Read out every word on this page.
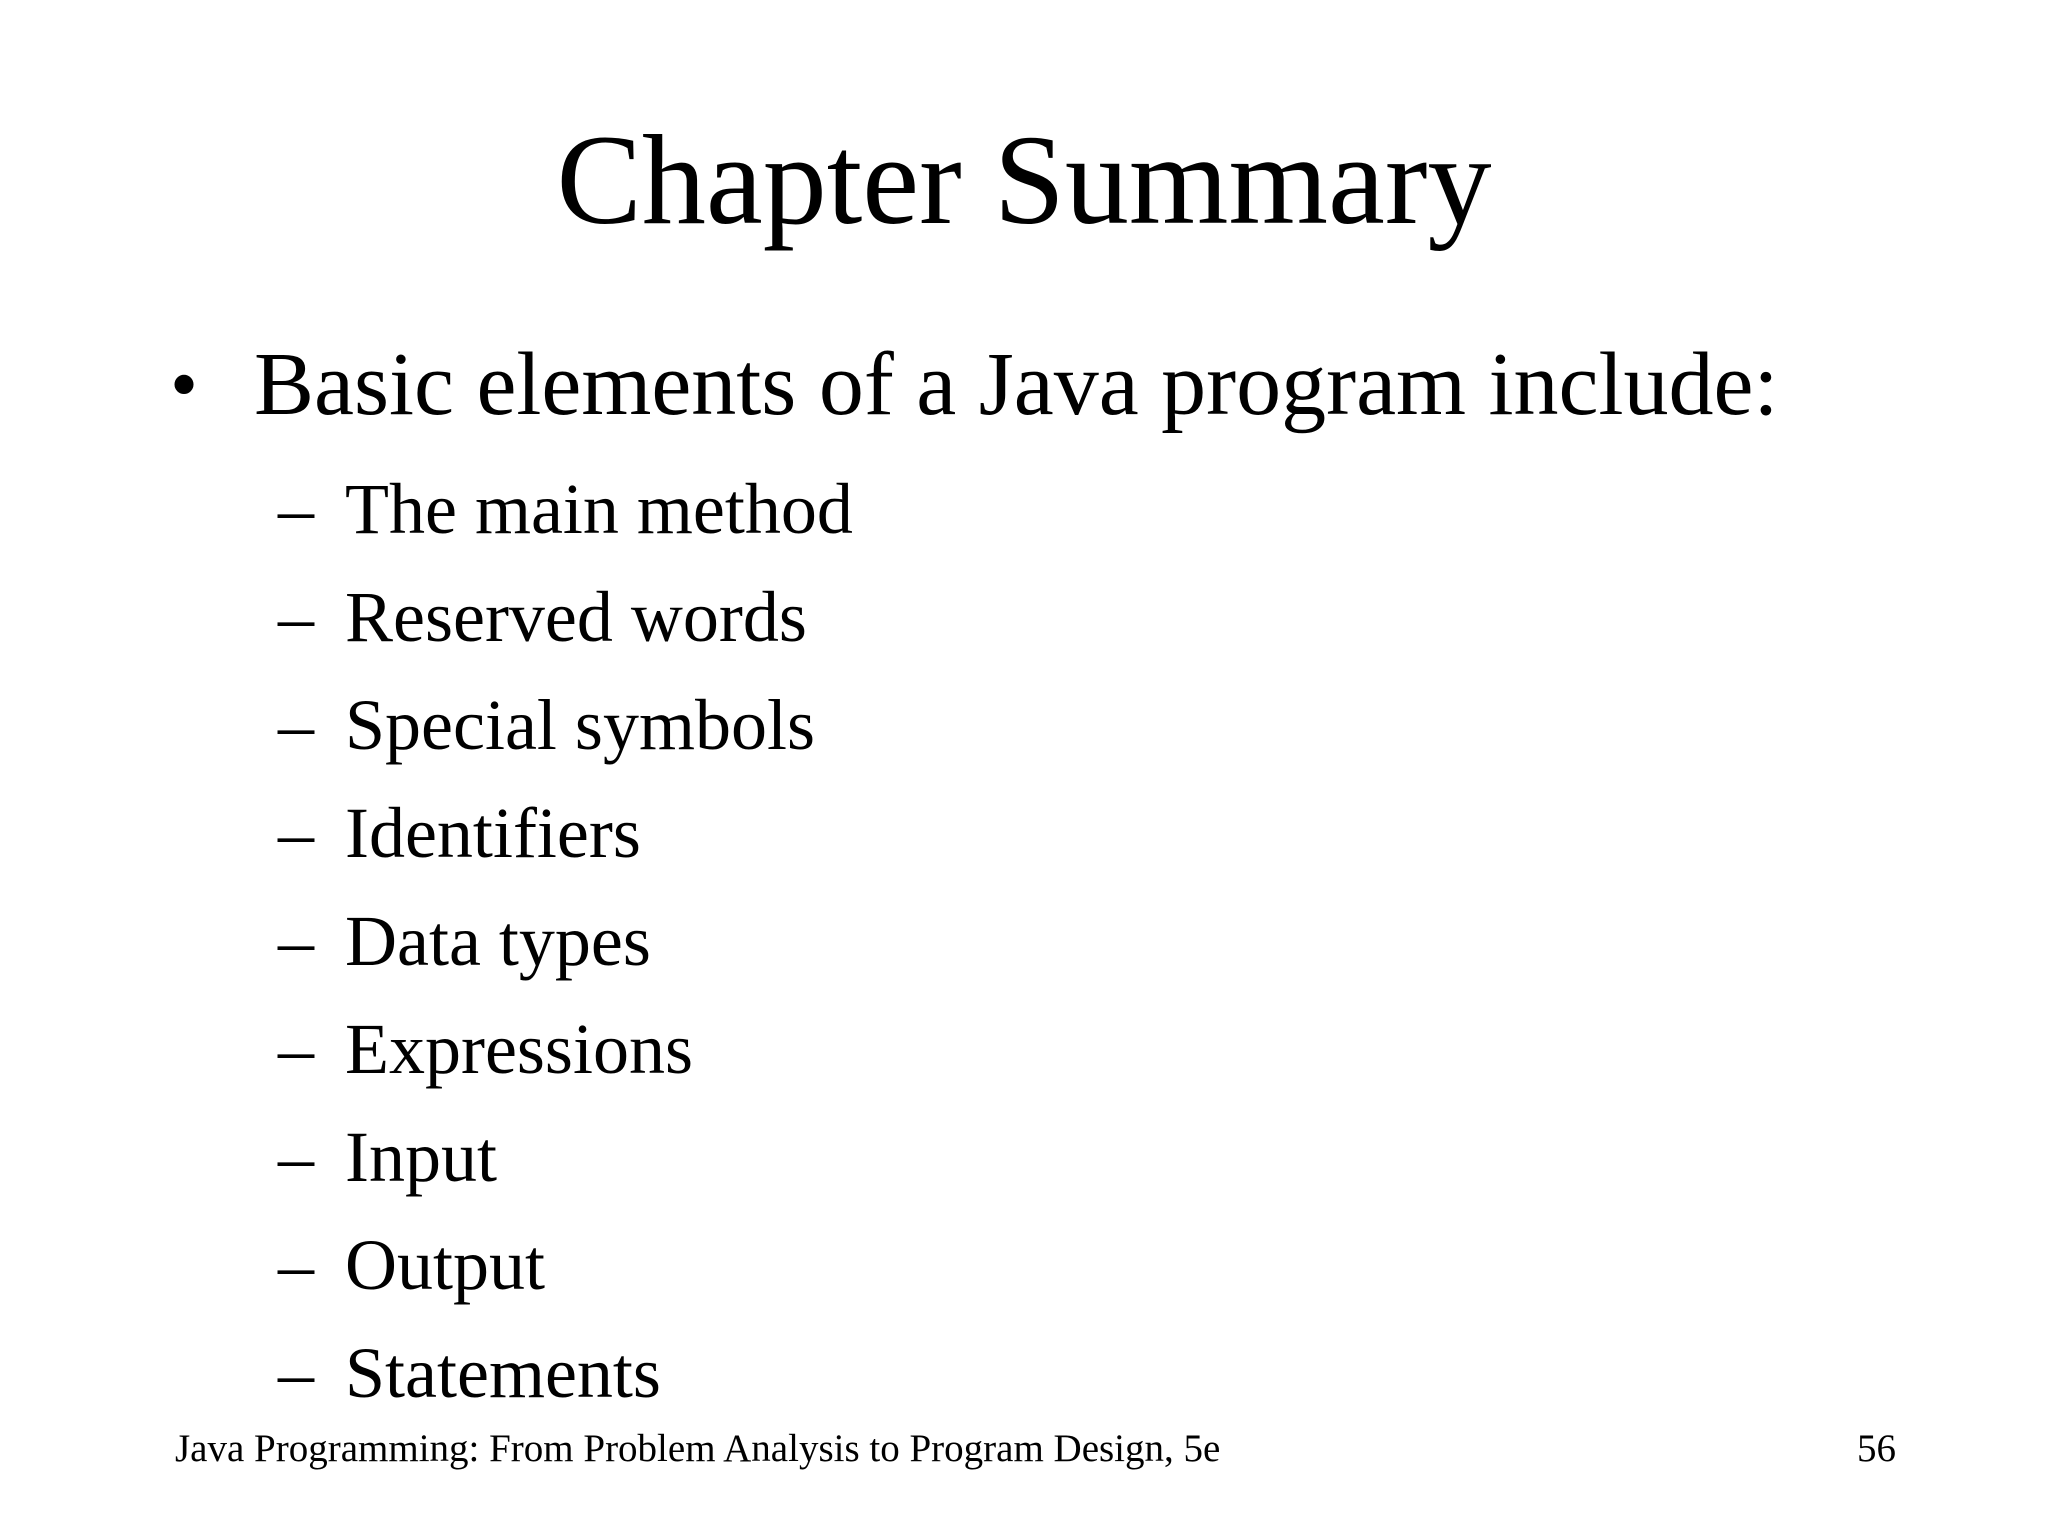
Chapter Summary
• Basic elements of a Java program include:
– The main method
– Reserved words
– Special symbols
– Identifiers
– Data types
– Expressions
– Input
– Output
– Statements
Java Programming: From Problem Analysis to Program Design, 5e	56
